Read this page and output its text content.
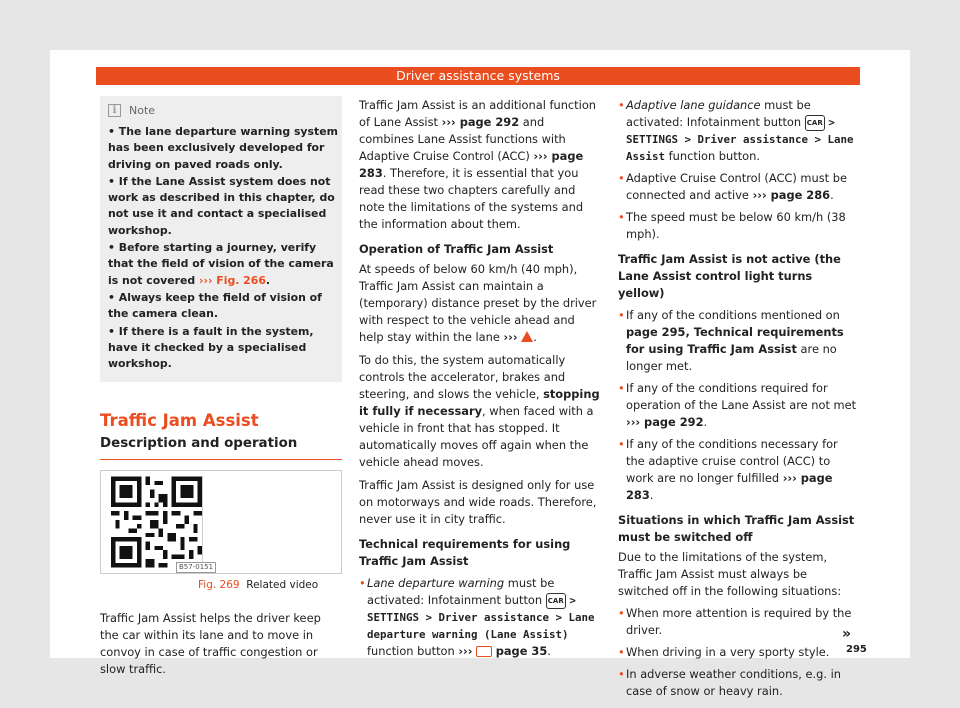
Driver assistance systems
i	Note
• The lane departure warning system has been exclusively developed for driving on paved roads only.
• If the Lane Assist system does not work as described in this chapter, do not use it and contact a specialised workshop.
• Before starting a journey, verify that the field of vision of the camera is not covered ››› Fig. 266.
• Always keep the field of vision of the camera clean.
• If there is a fault in the system, have it checked by a specialised workshop.
Traffic Jam Assist
Description and operation
B57-0151
Fig. 269 Related video
Traffic Jam Assist helps the driver keep the car within its lane and to move in convoy in case of traffic congestion or slow traffic.
Traffic Jam Assist is an additional function of Lane Assist ››› page 292 and combines Lane Assist functions with Adaptive Cruise Control (ACC) ››› page 283. Therefore, it is essential that you read these two chapters carefully and note the limitations of the systems and the information about them.
Operation of Traffic Jam Assist
At speeds of below 60 km/h (40 mph), Traffic Jam Assist can maintain a (temporary) distance preset by the driver with respect to the vehicle ahead and help stay within the lane ››› .
To do this, the system automatically controls the accelerator, brakes and steering, and slows the vehicle, stopping it fully if necessary, when faced with a vehicle in front that has stopped. It automatically moves off again when the vehicle ahead moves.
Traffic Jam Assist is designed only for use on motorways and wide roads. Therefore, never use it in city traffic.
Technical requirements for using Traffic Jam Assist
• Lane departure warning must be activated: Infotainment button CAR > SETTINGS > Driver assistance > Lane departure warning (Lane Assist) function button ››› page 35.
• Adaptive lane guidance must be activated: Infotainment button CAR > SETTINGS > Driver assistance > Lane Assist function button.
• Adaptive Cruise Control (ACC) must be connected and active ››› page 286.
• The speed must be below 60 km/h (38 mph).
Traffic Jam Assist is not active (the Lane Assist control light turns yellow)
• If any of the conditions mentioned on page 295, Technical requirements for using Traffic Jam Assist are no longer met.
• If any of the conditions required for operation of the Lane Assist are not met ››› page 292.
• If any of the conditions necessary for the adaptive cruise control (ACC) to work are no longer fulfilled ››› page 283.
Situations in which Traffic Jam Assist must be switched off
Due to the limitations of the system, Traffic Jam Assist must always be switched off in the following situations:
• When more attention is required by the driver.
• When driving in a very sporty style.
• In adverse weather conditions, e.g. in case of snow or heavy rain.
»
295
